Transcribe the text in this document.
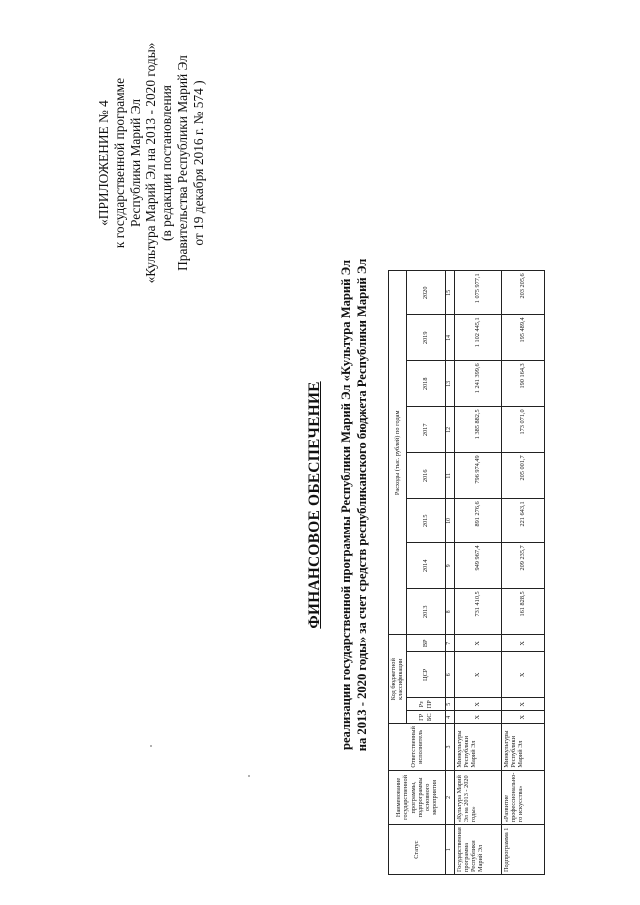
«ПРИЛОЖЕНИЕ № 4 к государственной программе Республики Марий Эл «Культура Марий Эл на 2013 - 2020 годы» (в редакции постановления Правительства Республики Марий Эл от 19 декабря 2016 г. № 574 )
ФИНАНСОВОЕ ОБЕСПЕЧЕНИЕ реализации государственной программы Республики Марий Эл «Культура Марий Эл на 2013 - 2020 годы» за счет средств республиканского бюджета Республики Марий Эл
Статус	Наименование государственной программы, подпрограммы основного мероприятия	Ответственный исполнитель	Код бюджетной классификации				Расходы (тыс. рублей) по годам							
			ГР БС	Рз ПР	ЦСР	ВР	2013	2014	2015	2016	2017	2018	2019	2020
1	2	3	4	5	6	7	8	9	10	11	12	13	14	15
Государственная программа Республики Марий Эл	«Культура Марий Эл на 2013 - 2020 годы»	Минкультуры Республики Марий Эл	X	X	X	X	731 410,5	949 967,4	891 276,6	796 974,49	1 385 882,5	1 241 399,6	1 102 445,1	1 075 977,1
Подпрограмма 1	«Развитие профессионально-го искусства»	Минкультуры Республики Марий Эл	X	X	X	X	161 828,5	209 235,7	221 643,1	205 001,7	173 071,0	190 164,3	195 489,4	203 205,6
